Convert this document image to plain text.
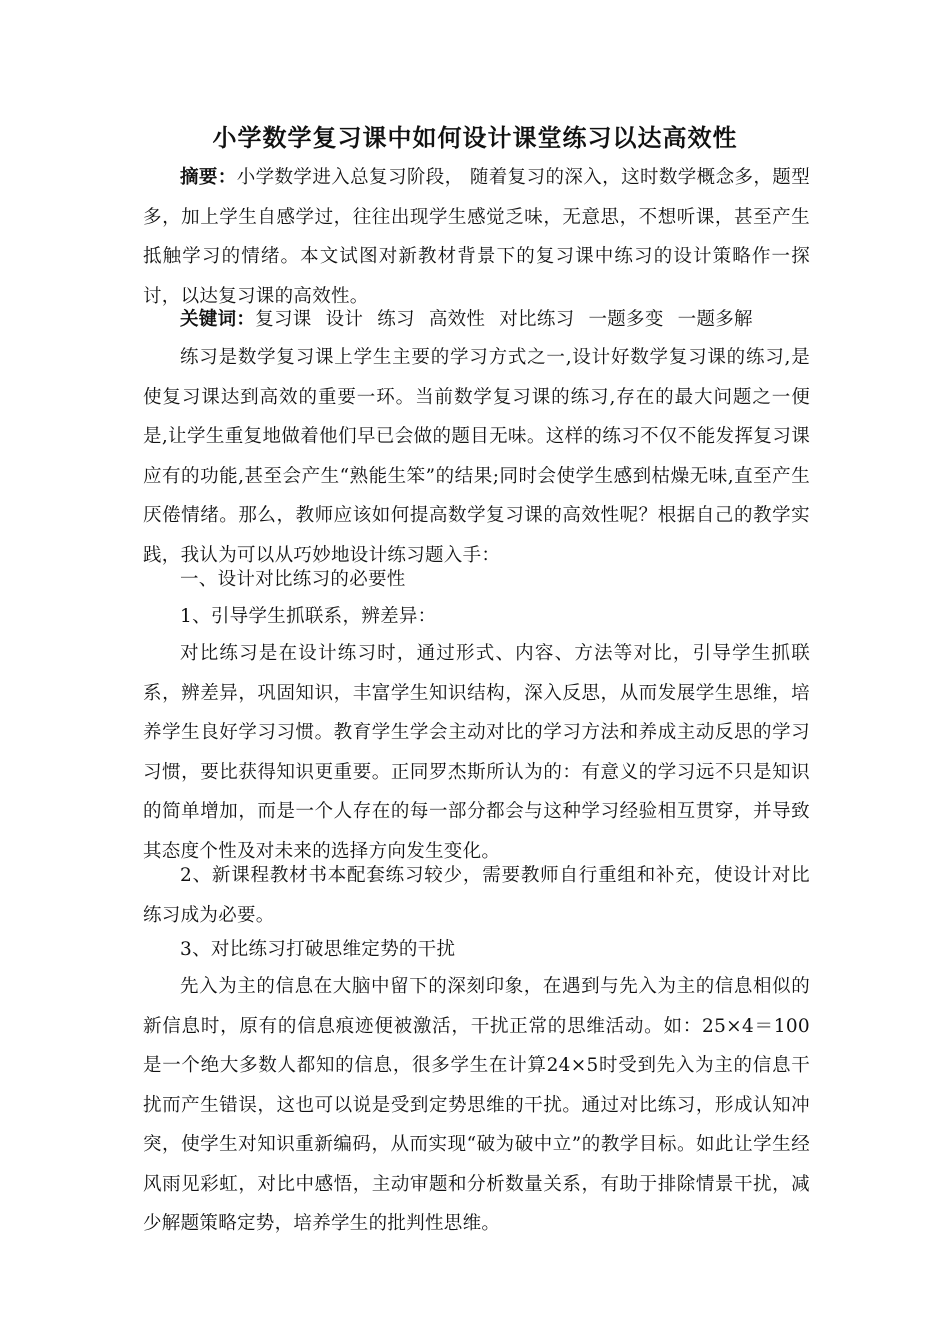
小学数学复习课中如何设计课堂练习以达高效性

摘要：小学数学进入总复习阶段， 随着复习的深入，这时数学概念多，题型多，加上学生自感学过，往往出现学生感觉乏味，无意思，不想听课，甚至产生抵触学习的情绪。本文试图对新教材背景下的复习课中练习的设计策略作一探讨，以达复习课的高效性。

关键词：复习课 设计 练习 高效性 对比练习 一题多变 一题多解

练习是数学复习课上学生主要的学习方式之一,设计好数学复习课的练习,是使复习课达到高效的重要一环。当前数学复习课的练习,存在的最大问题之一便是,让学生重复地做着他们早已会做的题目无味。这样的练习不仅不能发挥复习课应有的功能,甚至会产生“熟能生笨”的结果;同时会使学生感到枯燥无味,直至产生厌倦情绪。那么，教师应该如何提高数学复习课的高效性呢？根据自己的教学实践，我认为可以从巧妙地设计练习题入手：

一、设计对比练习的必要性

1、引导学生抓联系，辨差异：

对比练习是在设计练习时，通过形式、内容、方法等对比，引导学生抓联系，辨差异，巩固知识，丰富学生知识结构，深入反思，从而发展学生思维，培养学生良好学习习惯。教育学生学会主动对比的学习方法和养成主动反思的学习习惯，要比获得知识更重要。正同罗杰斯所认为的：有意义的学习远不只是知识的简单增加，而是一个人存在的每一部分都会与这种学习经验相互贯穿，并导致其态度个性及对未来的选择方向发生变化。

2、新课程教材书本配套练习较少，需要教师自行重组和补充，使设计对比练习成为必要。

3、对比练习打破思维定势的干扰

先入为主的信息在大脑中留下的深刻印象，在遇到与先入为主的信息相似的新信息时，原有的信息痕迹便被激活，干扰正常的思维活动。如：25×4＝100是一个绝大多数人都知的信息，很多学生在计算24×5时受到先入为主的信息干扰而产生错误，这也可以说是受到定势思维的干扰。通过对比练习，形成认知冲突，使学生对知识重新编码，从而实现“破为破中立”的教学目标。如此让学生经风雨见彩虹，对比中感悟，主动审题和分析数量关系，有助于排除情景干扰，减少解题策略定势，培养学生的批判性思维。
